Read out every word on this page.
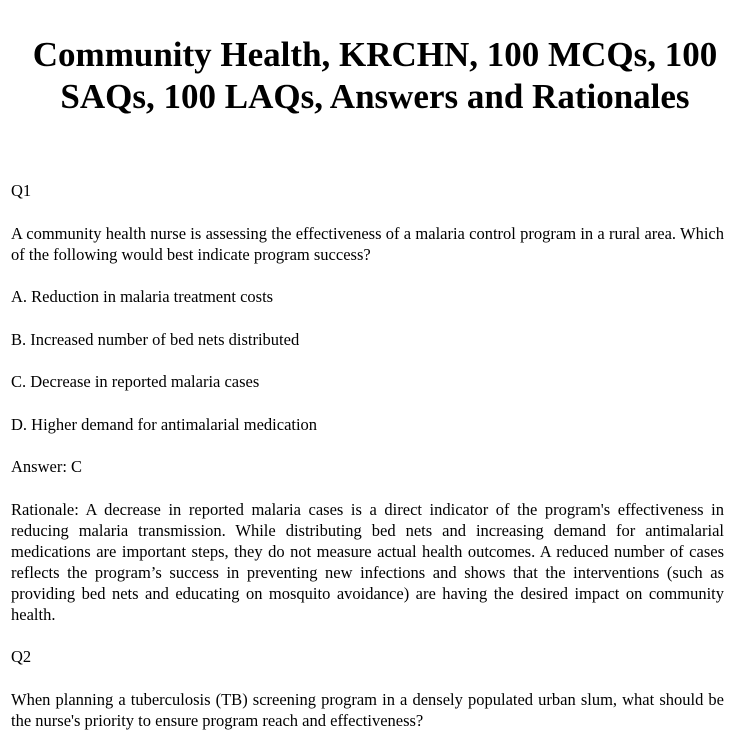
Community Health, KRCHN, 100 MCQs, 100 SAQs, 100 LAQs, Answers and Rationales

Q1

A community health nurse is assessing the effectiveness of a malaria control program in a rural area. Which of the following would best indicate program success?

A. Reduction in malaria treatment costs

B. Increased number of bed nets distributed

C. Decrease in reported malaria cases

D. Higher demand for antimalarial medication

Answer: C

Rationale: A decrease in reported malaria cases is a direct indicator of the program's effectiveness in reducing malaria transmission. While distributing bed nets and increasing demand for antimalarial medications are important steps, they do not measure actual health outcomes. A reduced number of cases reflects the program’s success in preventing new infections and shows that the interventions (such as providing bed nets and educating on mosquito avoidance) are having the desired impact on community health.

Q2

When planning a tuberculosis (TB) screening program in a densely populated urban slum, what should be the nurse's priority to ensure program reach and effectiveness?
